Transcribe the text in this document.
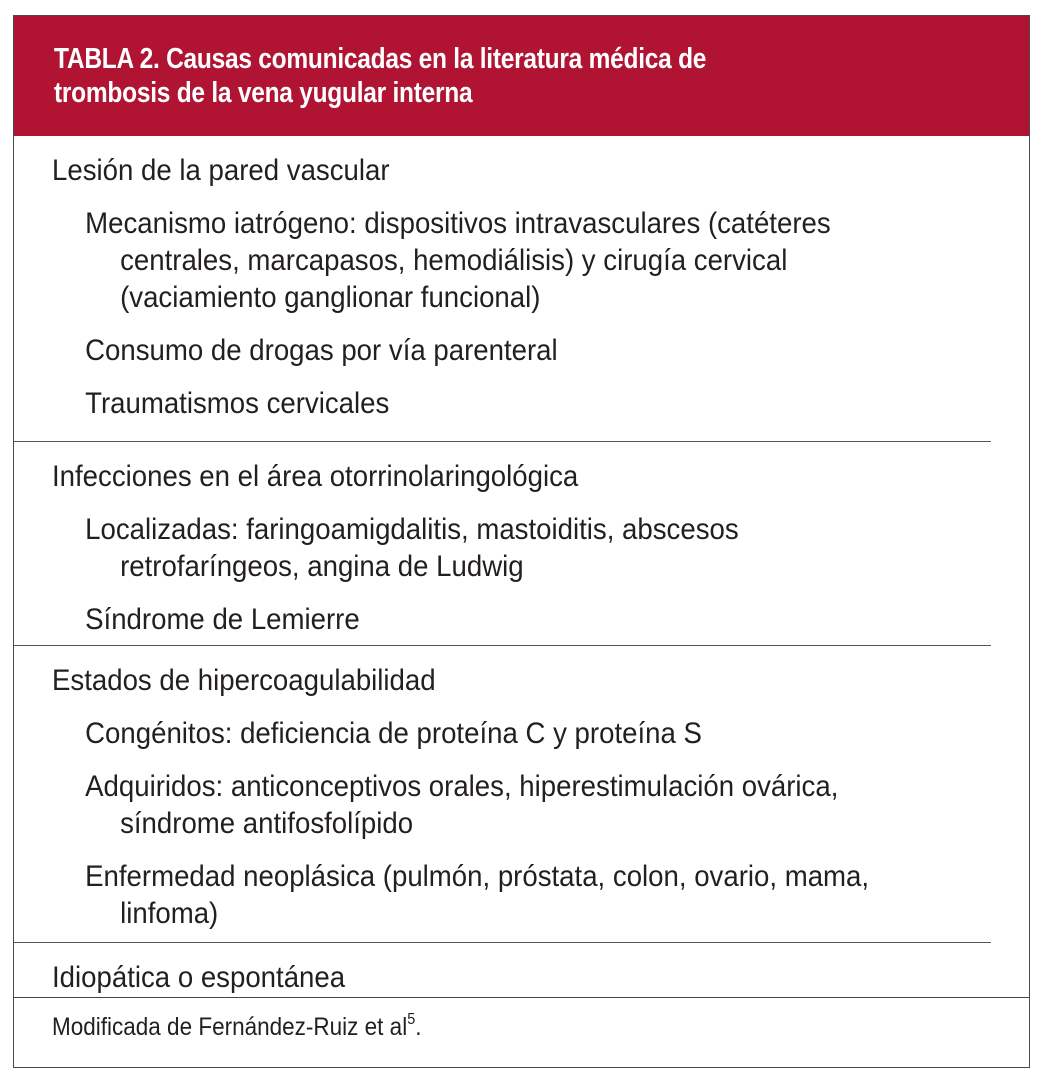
TABLA 2. Causas comunicadas en la literatura médica de
trombosis de la vena yugular interna
Lesión de la pared vascular
Mecanismo iatrógeno: dispositivos intravasculares (catéteres
centrales, marcapasos, hemodiálisis) y cirugía cervical
(vaciamiento ganglionar funcional)
Consumo de drogas por vía parenteral
Traumatismos cervicales
Infecciones en el área otorrinolaringológica
Localizadas: faringoamigdalitis, mastoiditis, abscesos
retrofaríngeos, angina de Ludwig
Síndrome de Lemierre
Estados de hipercoagulabilidad
Congénitos: deficiencia de proteína C y proteína S
Adquiridos: anticonceptivos orales, hiperestimulación ovárica,
síndrome antifosfolípido
Enfermedad neoplásica (pulmón, próstata, colon, ovario, mama,
linfoma)
Idiopática o espontánea
Modificada de Fernández-Ruiz et $al^5$.
